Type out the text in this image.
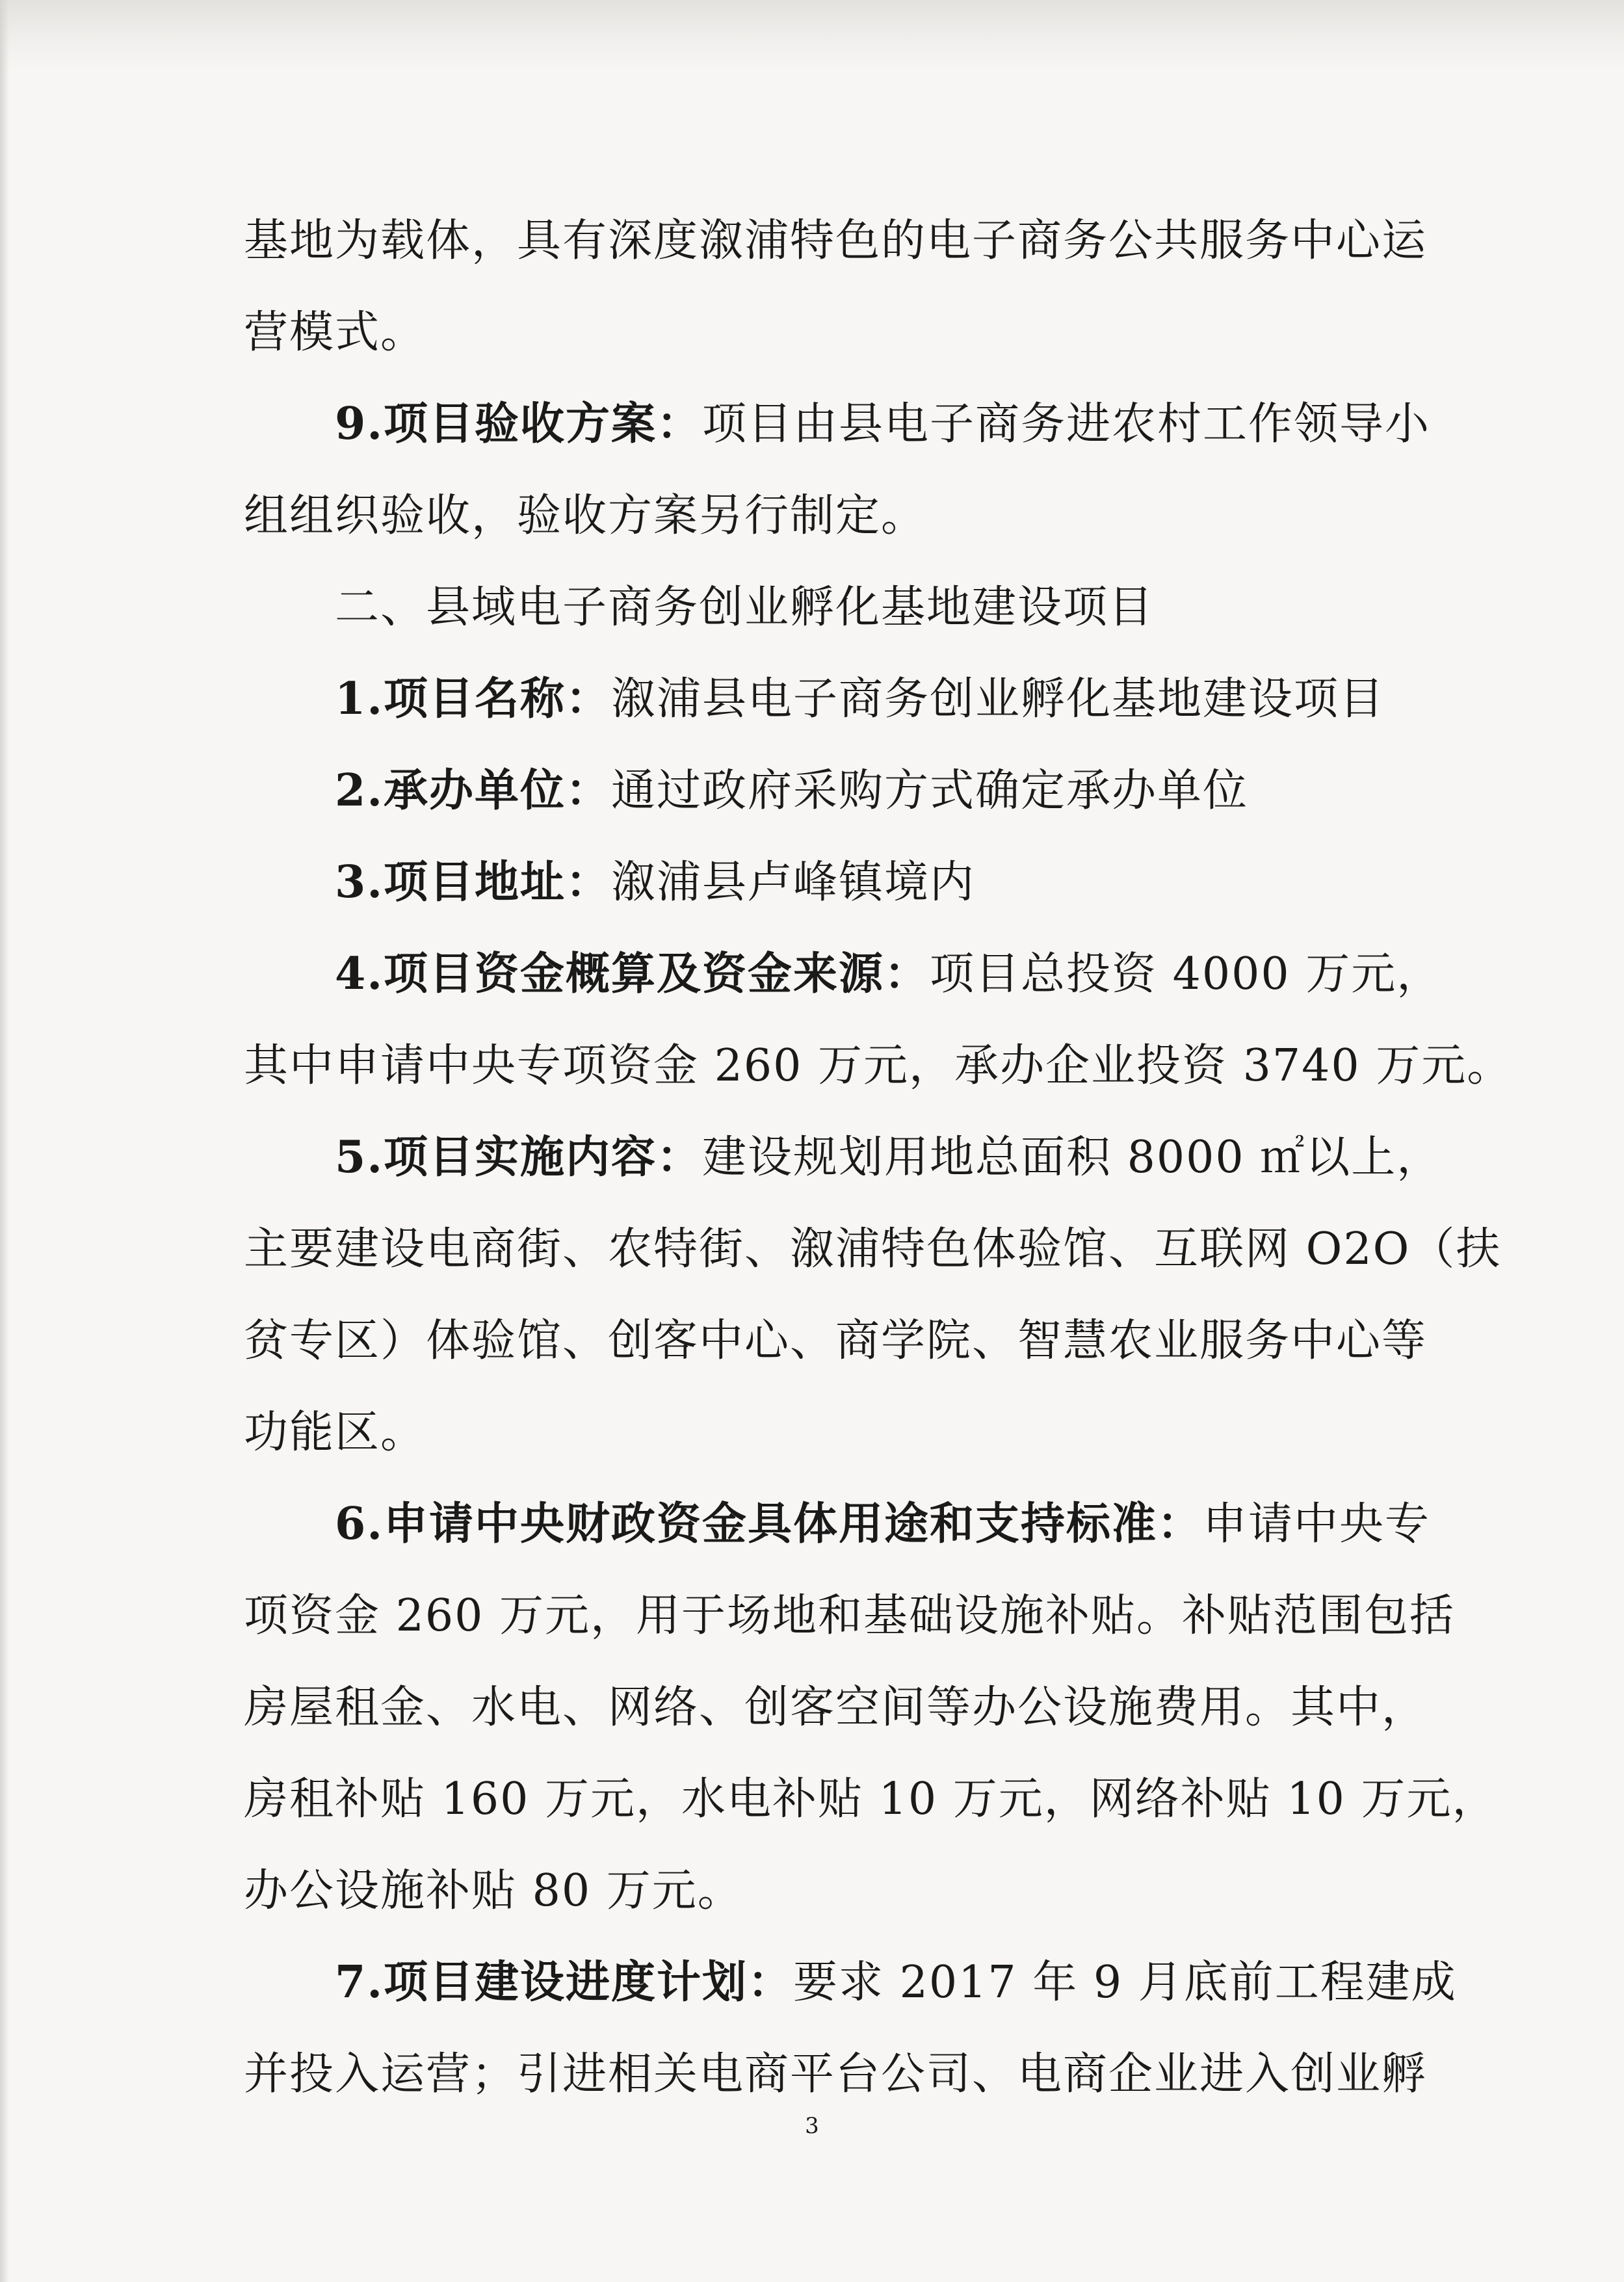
基地为载体，具有深度溆浦特色的电子商务公共服务中心运
营模式。
9.项目验收方案：项目由县电子商务进农村工作领导小
组组织验收，验收方案另行制定。
二、县域电子商务创业孵化基地建设项目
1.项目名称：溆浦县电子商务创业孵化基地建设项目
2.承办单位：通过政府采购方式确定承办单位
3.项目地址：溆浦县卢峰镇境内
4.项目资金概算及资金来源：项目总投资 4000 万元，
其中申请中央专项资金 260 万元，承办企业投资 3740 万元。
5.项目实施内容：建设规划用地总面积 8000 ㎡以上，
主要建设电商街、农特街、溆浦特色体验馆、互联网 O2O（扶
贫专区）体验馆、创客中心、商学院、智慧农业服务中心等
功能区。
6.申请中央财政资金具体用途和支持标准：申请中央专
项资金 260 万元，用于场地和基础设施补贴。补贴范围包括
房屋租金、水电、网络、创客空间等办公设施费用。其中，
房租补贴 160 万元，水电补贴 10 万元，网络补贴 10 万元，
办公设施补贴 80 万元。
7.项目建设进度计划：要求 2017 年 9 月底前工程建成
并投入运营；引进相关电商平台公司、电商企业进入创业孵
3
